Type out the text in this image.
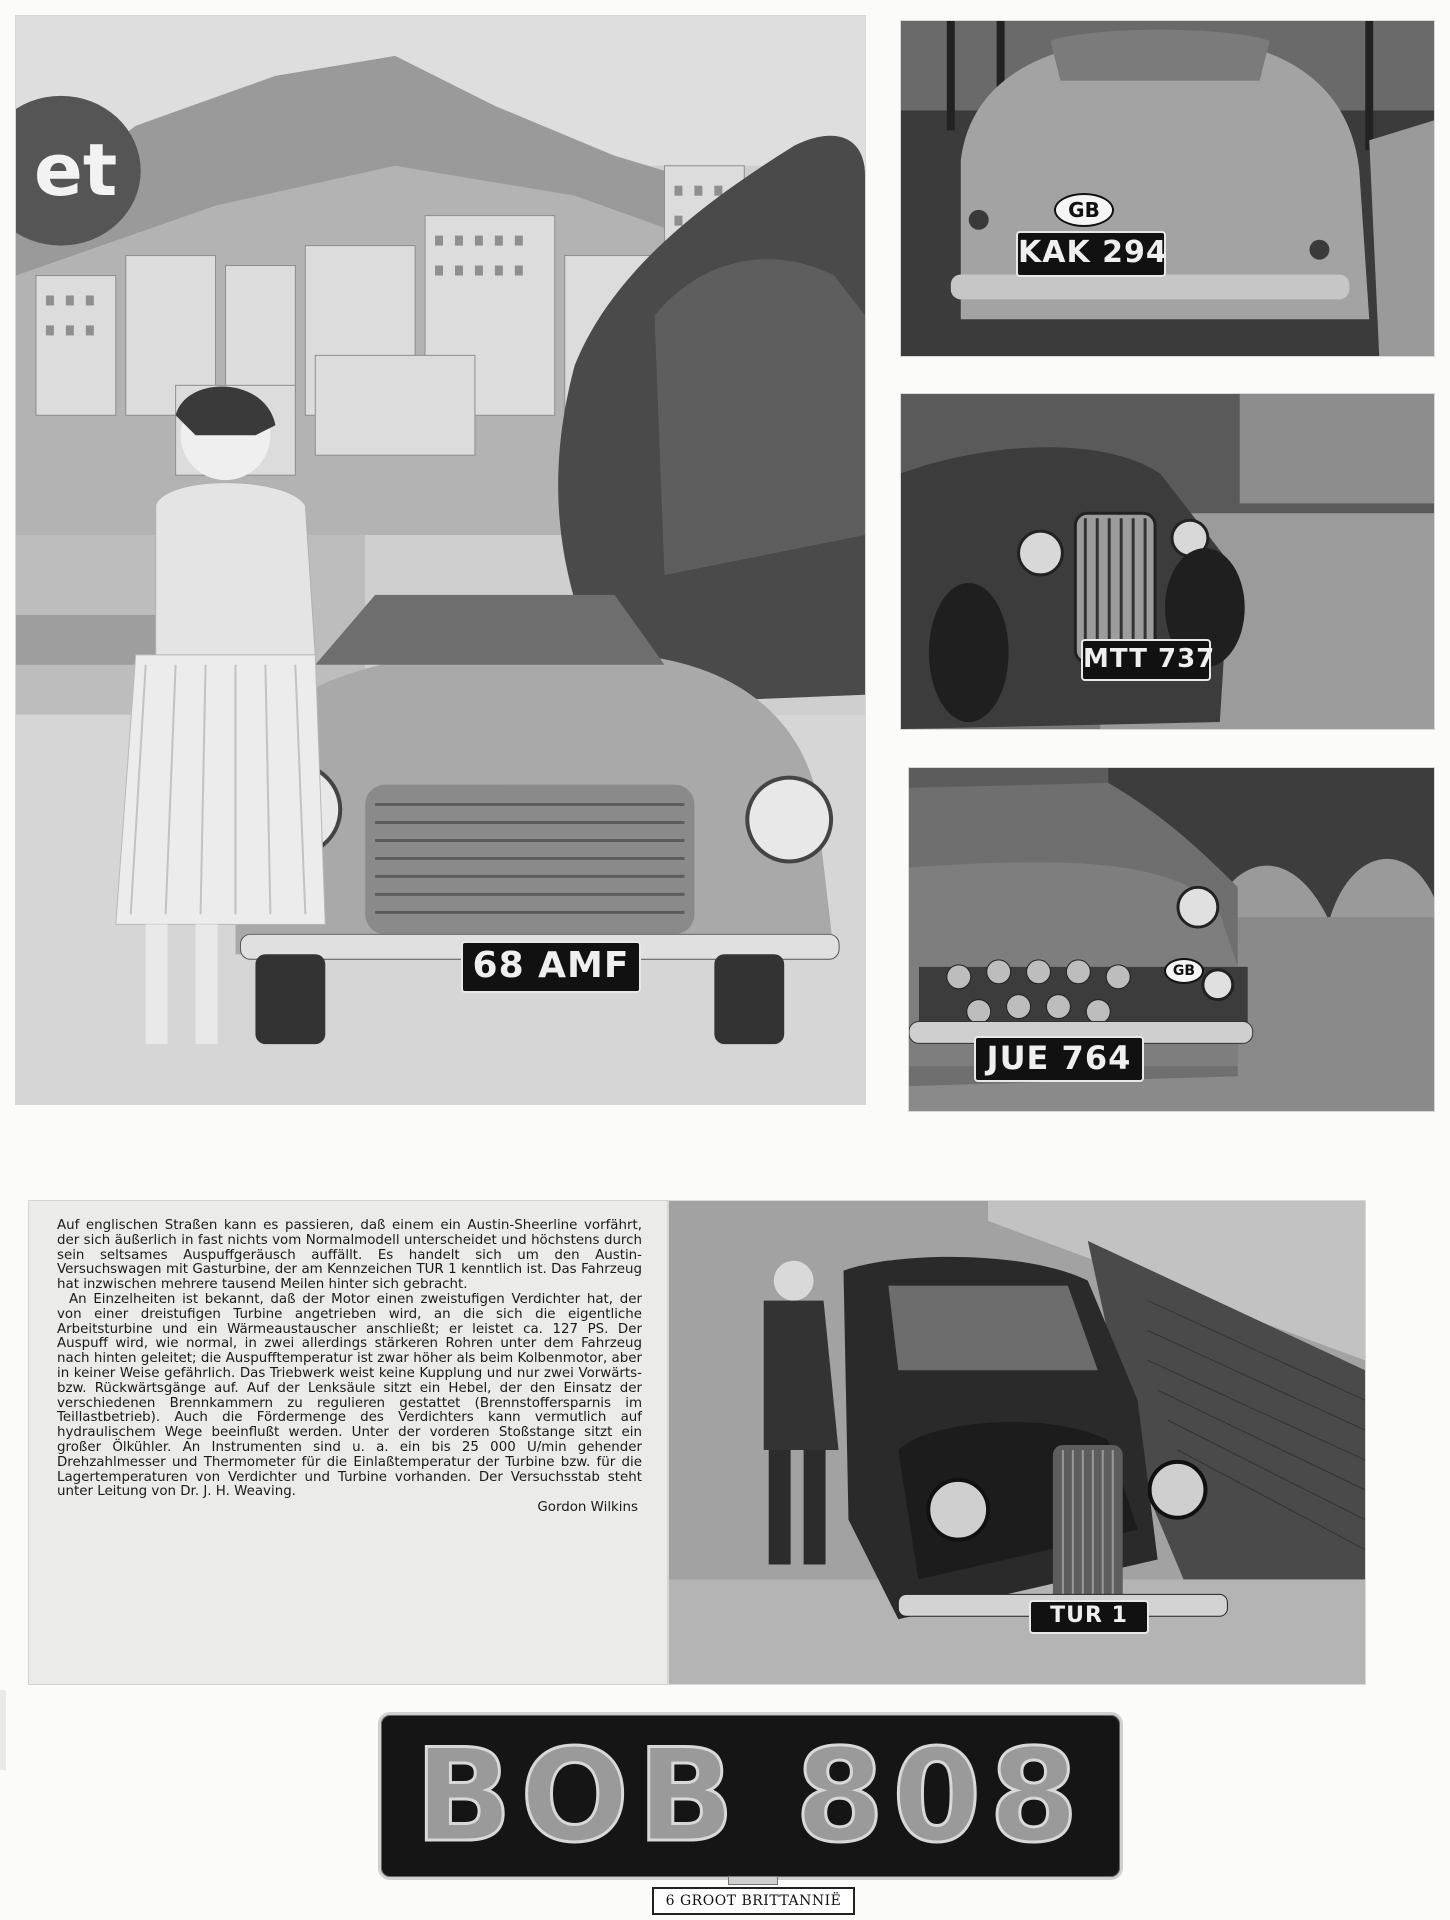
et
68 AMF
GB
KAK 294
MTT 737
GB
JUE 764

Auf englischen Straßen kann es passieren, daß einem ein Austin-Sheerline vorfährt, der sich äußerlich in fast nichts vom Normalmodell unterscheidet und höchstens durch sein seltsames Auspuffgeräusch auffällt. Es handelt sich um den Austin-Versuchswagen mit Gasturbine, der am Kennzeichen TUR 1 kenntlich ist. Das Fahrzeug hat inzwischen mehrere tausend Meilen hinter sich gebracht.

An Einzelheiten ist bekannt, daß der Motor einen zweistufigen Verdichter hat, der von einer dreistufigen Turbine angetrieben wird, an die sich die eigentliche Arbeitsturbine und ein Wärmeaustauscher anschließt; er leistet ca. 127 PS. Der Auspuff wird, wie normal, in zwei allerdings stärkeren Rohren unter dem Fahrzeug nach hinten geleitet; die Auspufftemperatur ist zwar höher als beim Kolbenmotor, aber in keiner Weise gefährlich. Das Triebwerk weist keine Kupplung und nur zwei Vorwärts- bzw. Rückwärtsgänge auf. Auf der Lenksäule sitzt ein Hebel, der den Einsatz der verschiedenen Brennkammern zu regulieren gestattet (Brennstoffersparnis im Teillastbetrieb). Auch die Fördermenge des Verdichters kann vermutlich auf hydraulischem Wege beeinflußt werden. Unter der vorderen Stoßstange sitzt ein großer Ölkühler. An Instrumenten sind u. a. ein bis 25 000 U/min gehender Drehzahlmesser und Thermometer für die Einlaßtemperatur der Turbine bzw. für die Lagertemperaturen von Verdichter und Turbine vorhanden. Der Versuchsstab steht unter Leitung von Dr. J. H. Weaving.

Gordon Wilkins
TUR 1
BOB 808
6 GROOT BRITTANNIË
